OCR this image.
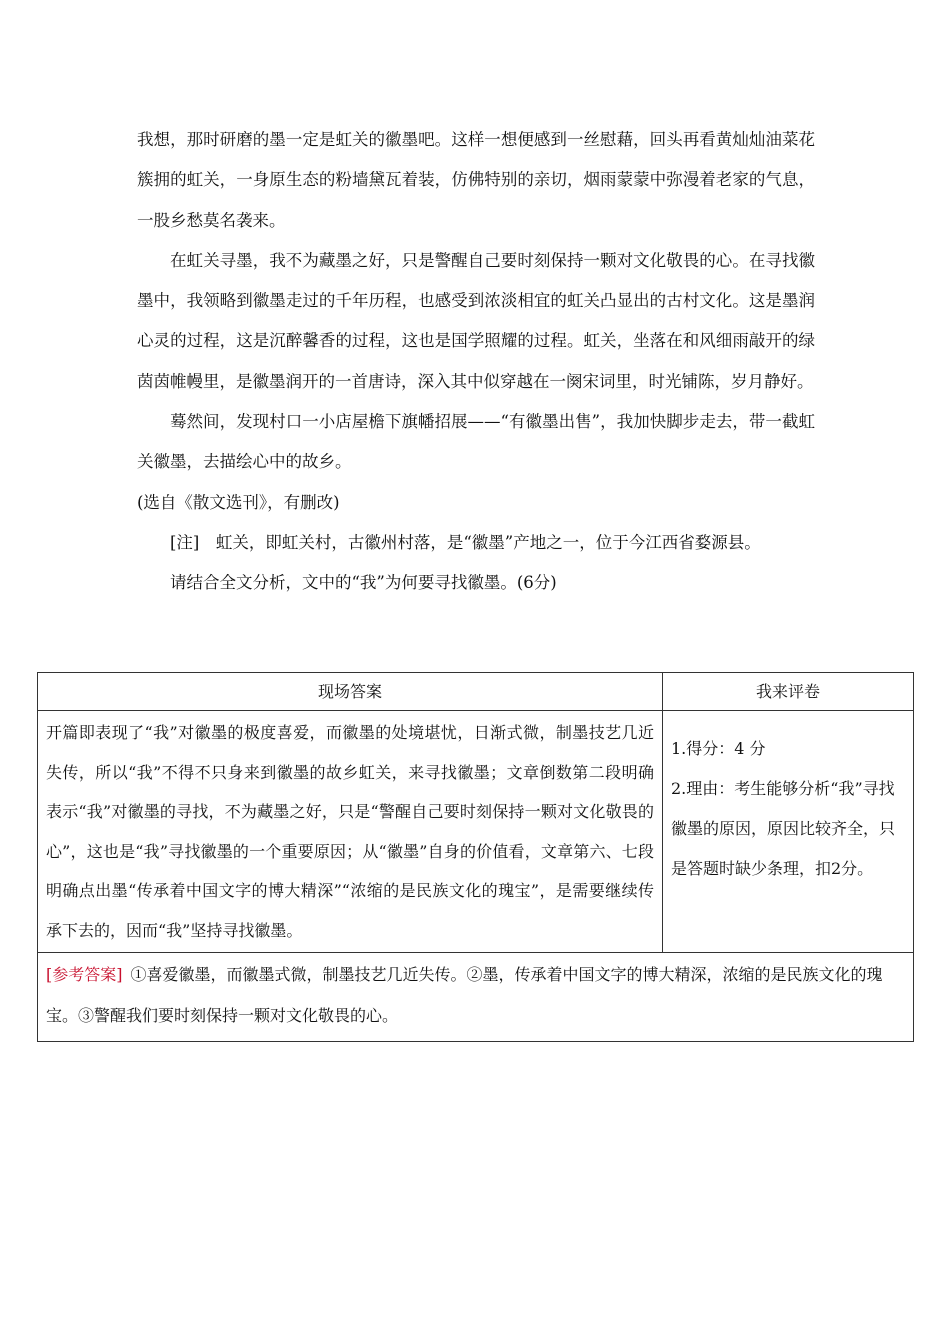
我想，那时研磨的墨一定是虹关的徽墨吧。这样一想便感到一丝慰藉，回头再看黄灿灿油菜花簇拥的虹关，一身原生态的粉墙黛瓦着装，仿佛特别的亲切，烟雨蒙蒙中弥漫着老家的气息，一股乡愁莫名袭来。

在虹关寻墨，我不为藏墨之好，只是警醒自己要时刻保持一颗对文化敬畏的心。在寻找徽墨中，我领略到徽墨走过的千年历程，也感受到浓淡相宜的虹关凸显出的古村文化。这是墨润心灵的过程，这是沉醉馨香的过程，这也是国学照耀的过程。虹关，坐落在和风细雨敲开的绿茵茵帷幔里，是徽墨润开的一首唐诗，深入其中似穿越在一阕宋词里，时光铺陈，岁月静好。

蓦然间，发现村口一小店屋檐下旗幡招展——“有徽墨出售”，我加快脚步走去，带一截虹关徽墨，去描绘心中的故乡。

(选自《散文选刊》，有删改)

[注]　虹关，即虹关村，古徽州村落，是“徽墨”产地之一，位于今江西省婺源县。

请结合全文分析，文中的“我”为何要寻找徽墨。(6分)

现场答案	我来评卷
开篇即表现了“我”对徽墨的极度喜爱，而徽墨的处境堪忧，日渐式微，制墨技艺几近失传，所以“我”不得不只身来到徽墨的故乡虹关，来寻找徽墨；文章倒数第二段明确表示“我”对徽墨的寻找，不为藏墨之好，只是“警醒自己要时刻保持一颗对文化敬畏的心”，这也是“我”寻找徽墨的一个重要原因；从“徽墨”自身的价值看，文章第六、七段明确点出墨“传承着中国文字的博大精深”“浓缩的是民族文化的瑰宝”，是需要继续传承下去的，因而“我”坚持寻找徽墨。	1.得分：4 分
2.理由：考生能够分析“我”寻找徽墨的原因，原因比较齐全，只是答题时缺少条理，扣2分。

[参考答案] ①喜爱徽墨，而徽墨式微，制墨技艺几近失传。②墨，传承着中国文字的博大精深，浓缩的是民族文化的瑰宝。③警醒我们要时刻保持一颗对文化敬畏的心。	
